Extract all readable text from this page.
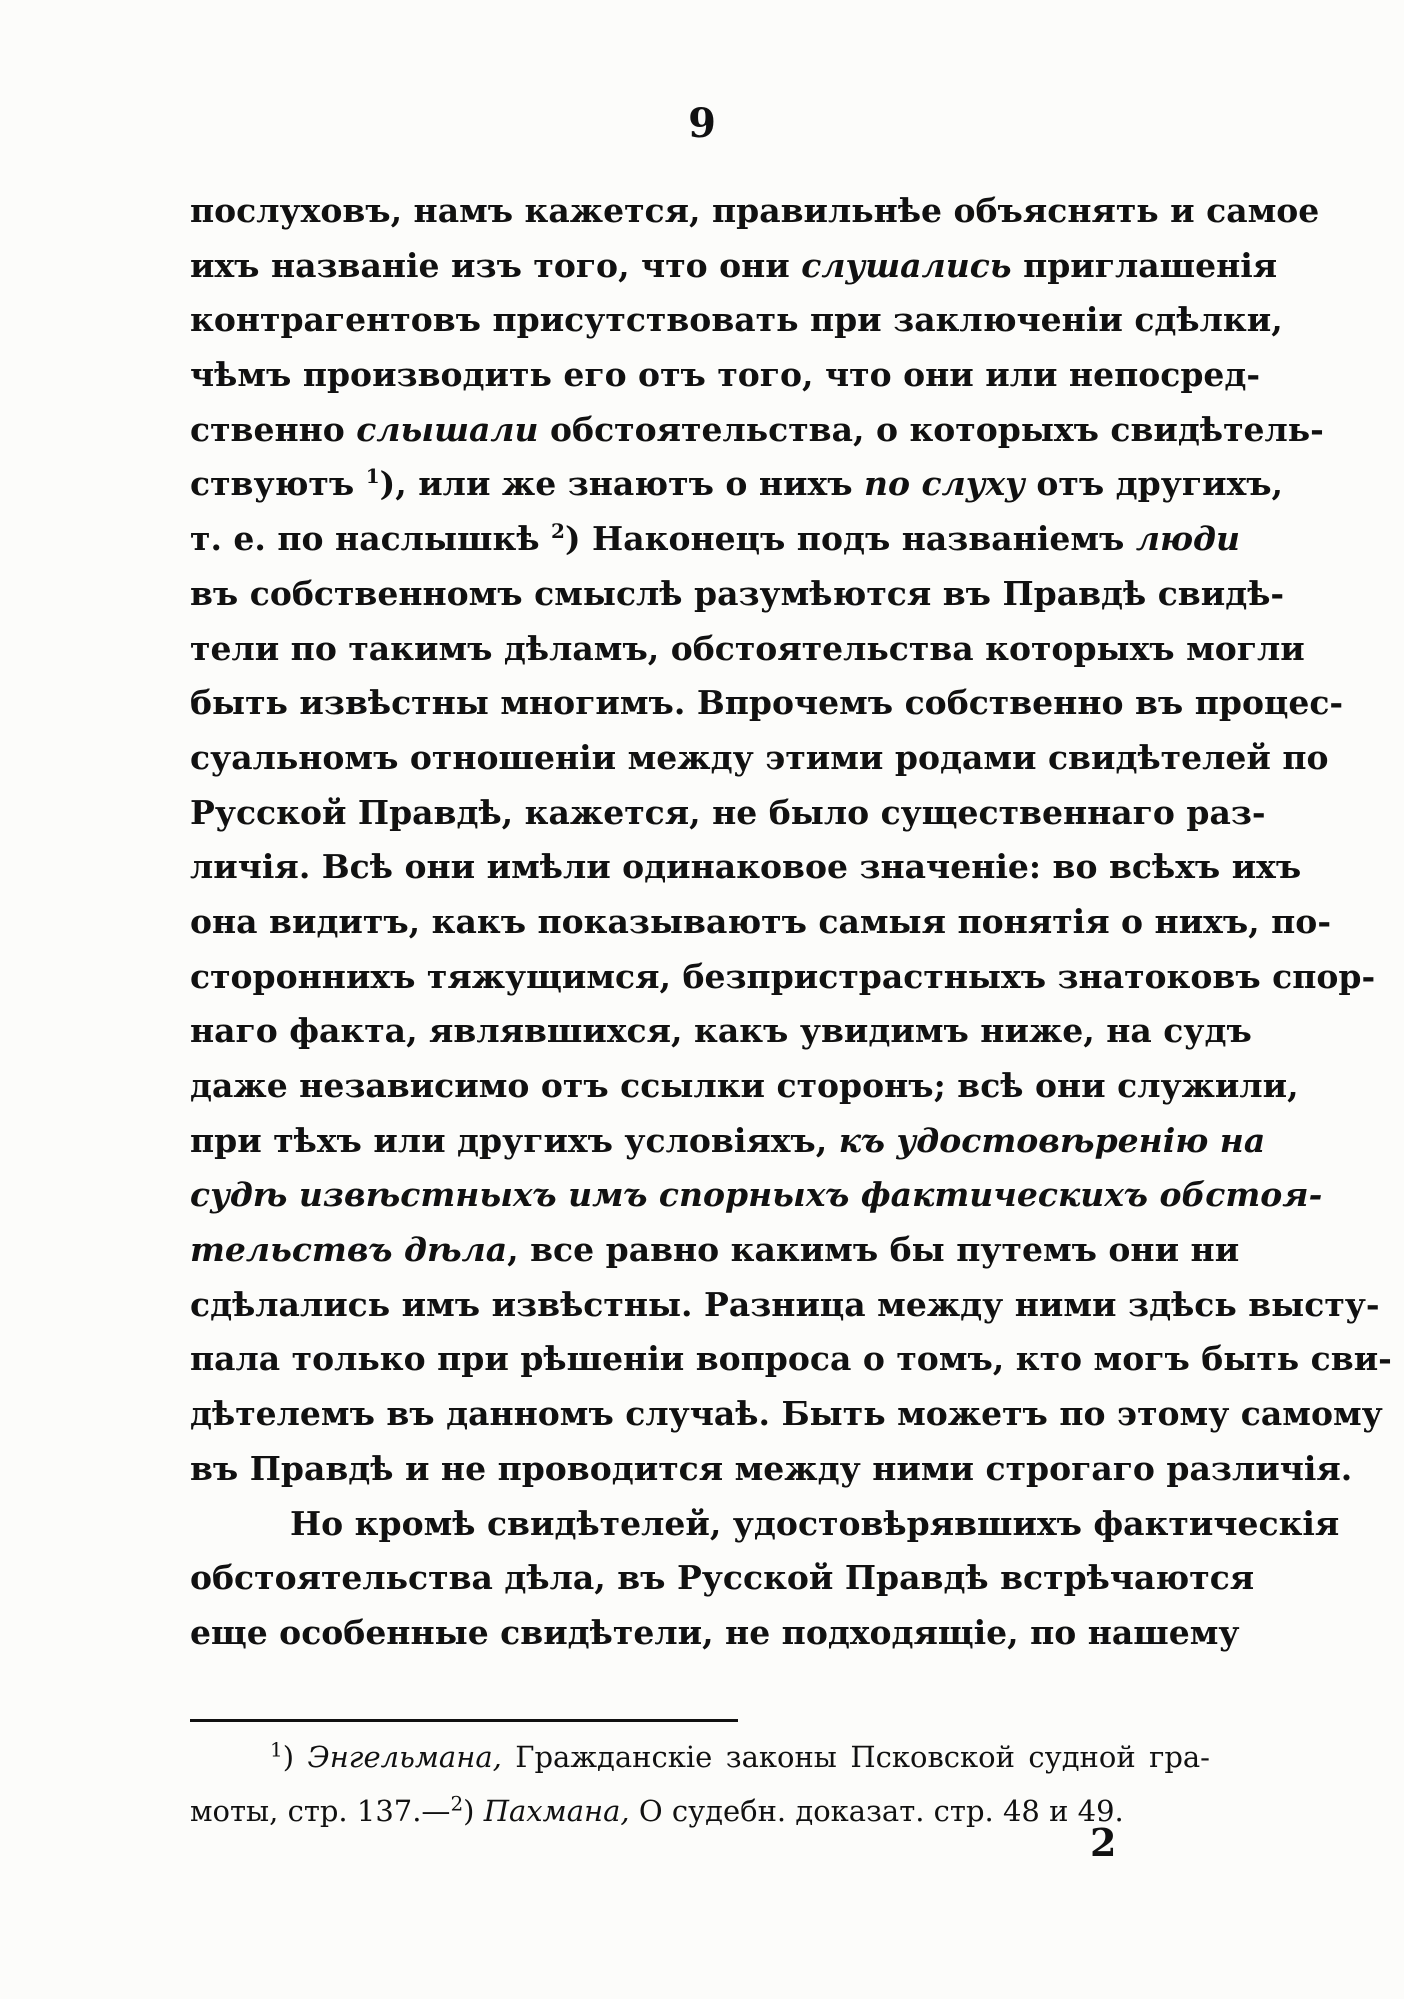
9
послуховъ, намъ кажется, правильнѣе объяснять и самое
ихъ названіе изъ того, что они слушались приглашенія
контрагентовъ присутствовать при заключеніи сдѣлки,
чѣмъ производить его отъ того, что они или непосред-
ственно слышали обстоятельства, о которыхъ свидѣтель-
ствуютъ $^1$), или же знаютъ о нихъ по слуху отъ другихъ,
т. е. по наслышкѣ $^2$) Наконецъ подъ названіемъ люди
въ собственномъ смыслѣ разумѣются въ Правдѣ свидѣ-
тели по такимъ дѣламъ, обстоятельства которыхъ могли
быть извѣстны многимъ. Впрочемъ собственно въ процес-
суальномъ отношеніи между этими родами свидѣтелей по
Русской Правдѣ, кажется, не было существеннаго раз-
личія. Всѣ они имѣли одинаковое значеніе: во всѣхъ ихъ
она видитъ, какъ показываютъ самыя понятія о нихъ, по-
стороннихъ тяжущимся, безпристрастныхъ знатоковъ спор-
наго факта, являвшихся, какъ увидимъ ниже, на судъ
даже независимо отъ ссылки сторонъ; всѣ они служили,
при тѣхъ или другихъ условіяхъ, къ удостовѣренію на
судѣ извѣстныхъ имъ спорныхъ фактическихъ обстоя-
тельствъ дѣла, все равно какимъ бы путемъ они ни
сдѣлались имъ извѣстны. Разница между ними здѣсь высту-
пала только при рѣшеніи вопроса о томъ, кто могъ быть сви-
дѣтелемъ въ данномъ случаѣ. Быть можетъ по этому самому
въ Правдѣ и не проводится между ними строгаго различія.
Но кромѣ свидѣтелей, удостовѣрявшихъ фактическія
обстоятельства дѣла, въ Русской Правдѣ встрѣчаются
еще особенные свидѣтели, не подходящіе, по нашему
$^1$) Энгельмана, Гражданскіе законы Псковской судной гра-
моты, стр. 137.—$^2$) Пахмана, О судебн. доказат. стр. 48 и 49.
2
